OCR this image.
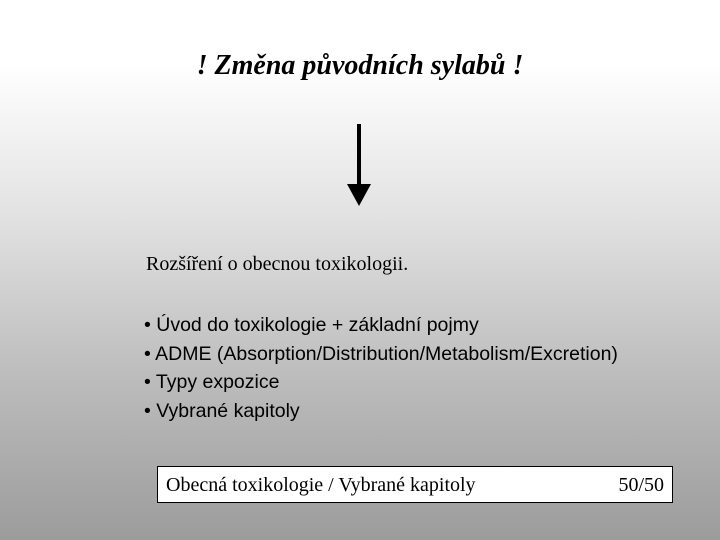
! Změna původních sylabů !
Rozšíření o obecnou toxikologii.
• Úvod do toxikologie + základní pojmy
• ADME (Absorption/Distribution/Metabolism/Excretion)
• Typy expozice
• Vybrané kapitoly
Obecná toxikologie / Vybrané kapitoly	50/50
